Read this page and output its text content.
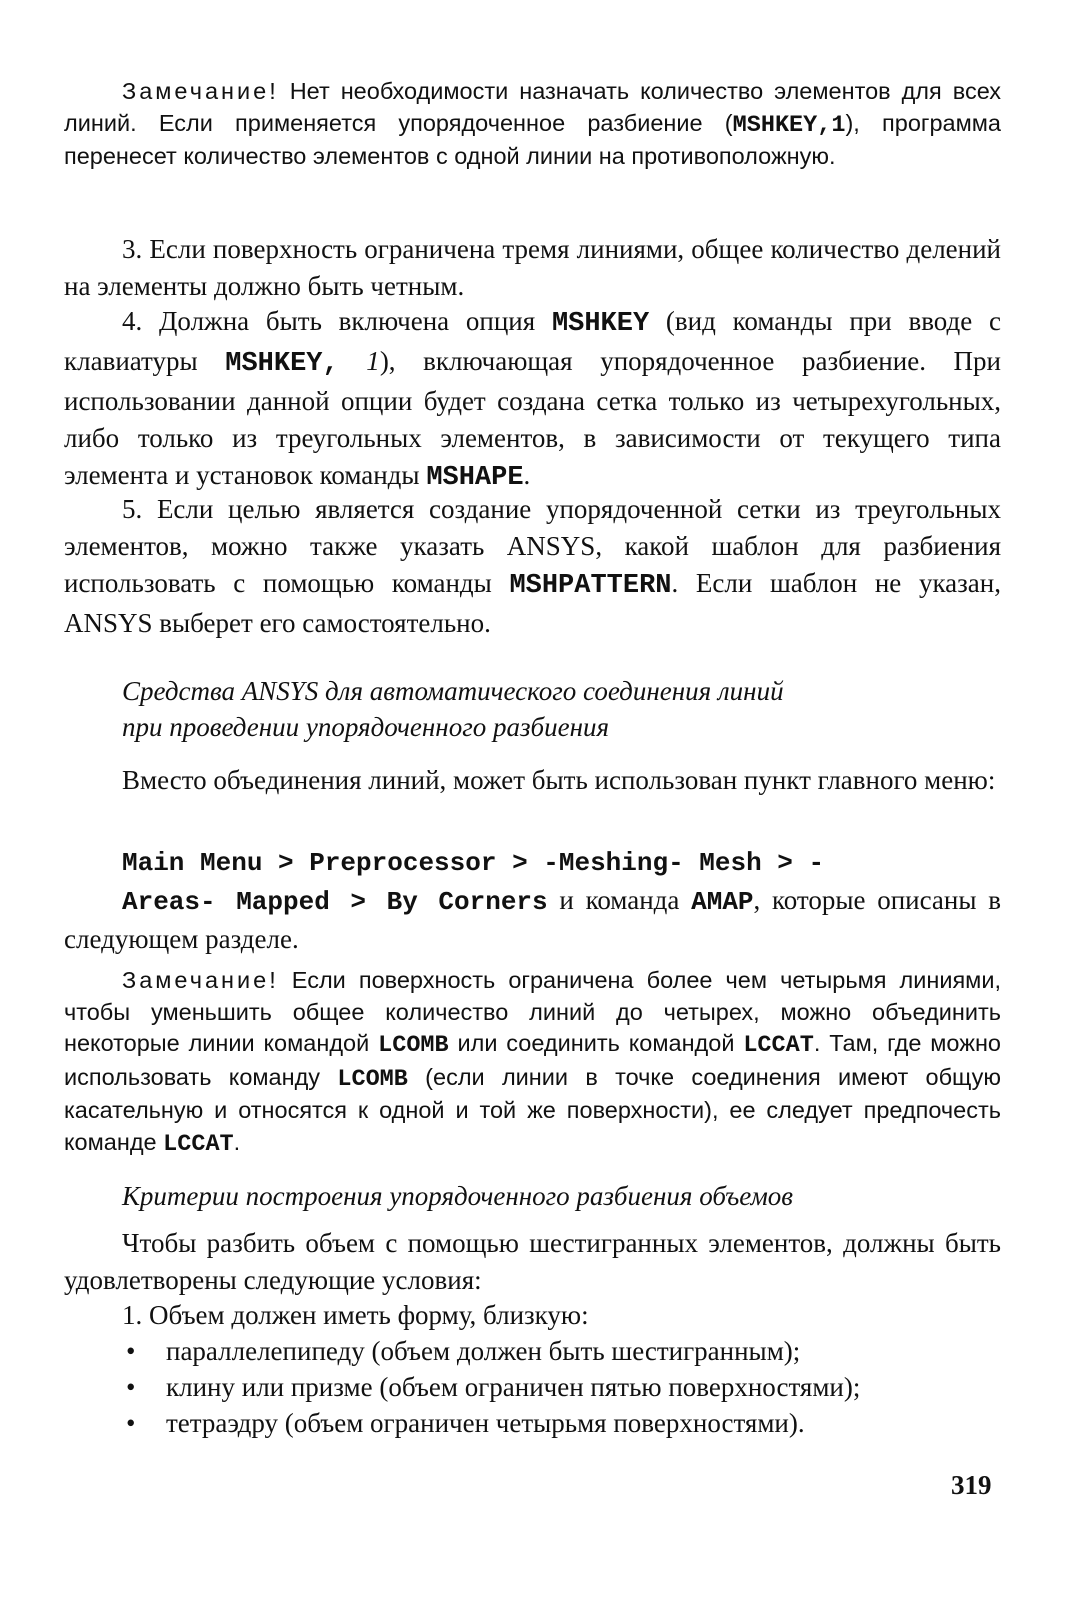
Замечание! Нет необходимости назначать количество элементов для всех линий. Если применяется упорядоченное разбиение (MSHKEY,1), программа перенесет количество элементов с одной линии на противоположную.

3. Если поверхность ограничена тремя линиями, общее количество делений на элементы должно быть четным.

4. Должна быть включена опция MSHKEY (вид команды при вводе с клавиатуры MSHKEY, 1), включающая упорядоченное разбиение. При использовании данной опции будет создана сетка только из четырехугольных, либо только из треугольных элементов, в зависимости от текущего типа элемента и установок команды MSHAPE.

5. Если целью является создание упорядоченной сетки из треугольных элементов, можно также указать ANSYS, какой шаблон для разбиения использовать с помощью команды MSHPATTERN. Если шаблон не указан, ANSYS выберет его самостоятельно.

Средства ANSYS для автоматического соединения линий
при проведении упорядоченного разбиения

Вместо объединения линий, может быть использован пункт главного меню:

Main Menu > Preprocessor > -Meshing- Mesh > -
Areas- Mapped > By Corners и команда AMAP, которые описаны в следующем разделе.

Замечание! Если поверхность ограничена более чем четырьмя линиями, чтобы уменьшить общее количество линий до четырех, можно объединить некоторые линии командой LCOMB или соединить командой LCCAT. Там, где можно использовать команду LCOMB (если линии в точке соединения имеют общую касательную и относятся к одной и той же поверхности), ее следует предпочесть команде LCCAT.

Критерии построения упорядоченного разбиения объемов

Чтобы разбить объем с помощью шестигранных элементов, должны быть удовлетворены следующие условия:

1. Объем должен иметь форму, близкую:

• параллелепипеду (объем должен быть шестигранным);
• клину или призме (объем ограничен пятью поверхностями);
• тетраэдру (объем ограничен четырьмя поверхностями).
319
